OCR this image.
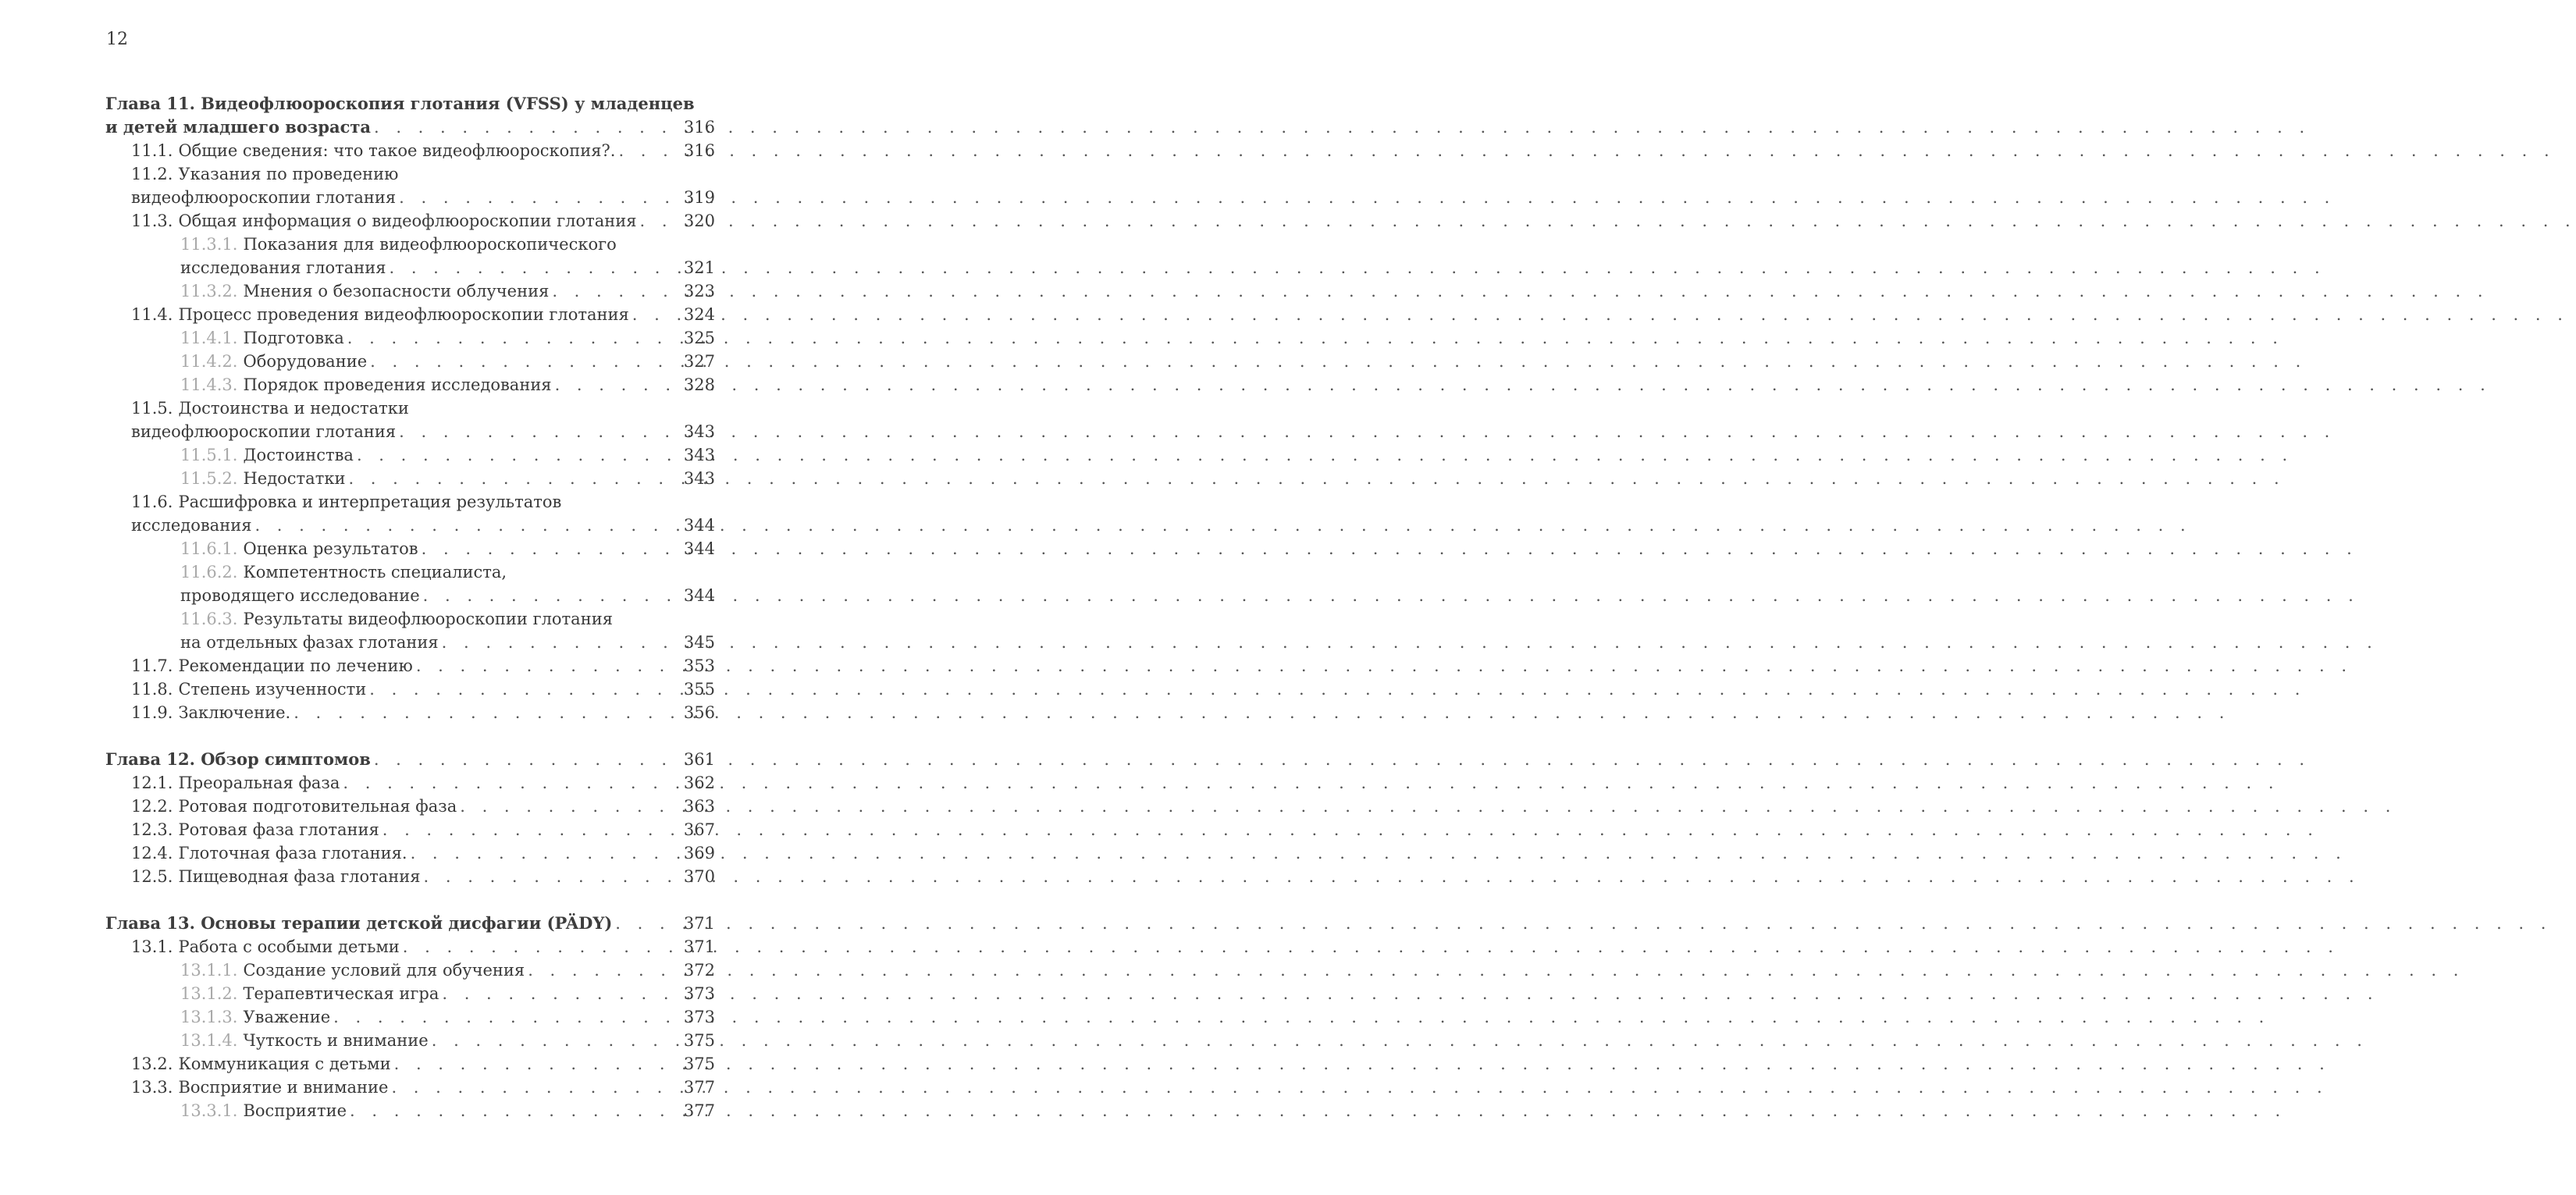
12
Глава 11. Видеофлюороскопия глотания (VFSS) у младенцев
и детей младшего возраста . . .	316
11.1. Общие сведения: что такое видеофлюороскопия?. . . .	316
11.2. Указания по проведению
видеофлюороскопии глотания . . .	319
11.3. Общая информация о видеофлюороскопии глотания . . .	320
11.3.1. Показания для видеофлюороскопического
исследования глотания . . .	321
11.3.2. Мнения о безопасности облучения . . .	323
11.4. Процесс проведения видеофлюороскопии глотания . . .	324
11.4.1. Подготовка . . .	325
11.4.2. Оборудование . . .	327
11.4.3. Порядок проведения исследования . . .	328
11.5. Достоинства и недостатки
видеофлюороскопии глотания . . .	343
11.5.1. Достоинства . . .	343
11.5.2. Недостатки . . .	343
11.6. Расшифровка и интерпретация результатов
исследования . . .	344
11.6.1. Оценка результатов . . .	344
11.6.2. Компетентность специалиста,
проводящего исследование . . .	344
11.6.3. Результаты видеофлюороскопии глотания
на отдельных фазах глотания . . .	345
11.7. Рекомендации по лечению . . .	353
11.8. Степень изученности . . .	355
11.9. Заключение. . . .	356
Глава 12. Обзор симптомов . . .	361
12.1. Преоральная фаза . . .	362
12.2. Ротовая подготовительная фаза . . .	363
12.3. Ротовая фаза глотания . . .	367
12.4. Глоточная фаза глотания. . . .	369
12.5. Пищеводная фаза глотания . . .	370
Глава 13. Основы терапии детской дисфагии (PÄDY) . . .	371
13.1. Работа с особыми детьми . . .	371
13.1.1. Создание условий для обучения . . .	372
13.1.2. Терапевтическая игра . . .	373
13.1.3. Уважение . . .	373
13.1.4. Чуткость и внимание . . .	375
13.2. Коммуникация с детьми . . .	375
13.3. Восприятие и внимание . . .	377
13.3.1. Восприятие . . .	377
